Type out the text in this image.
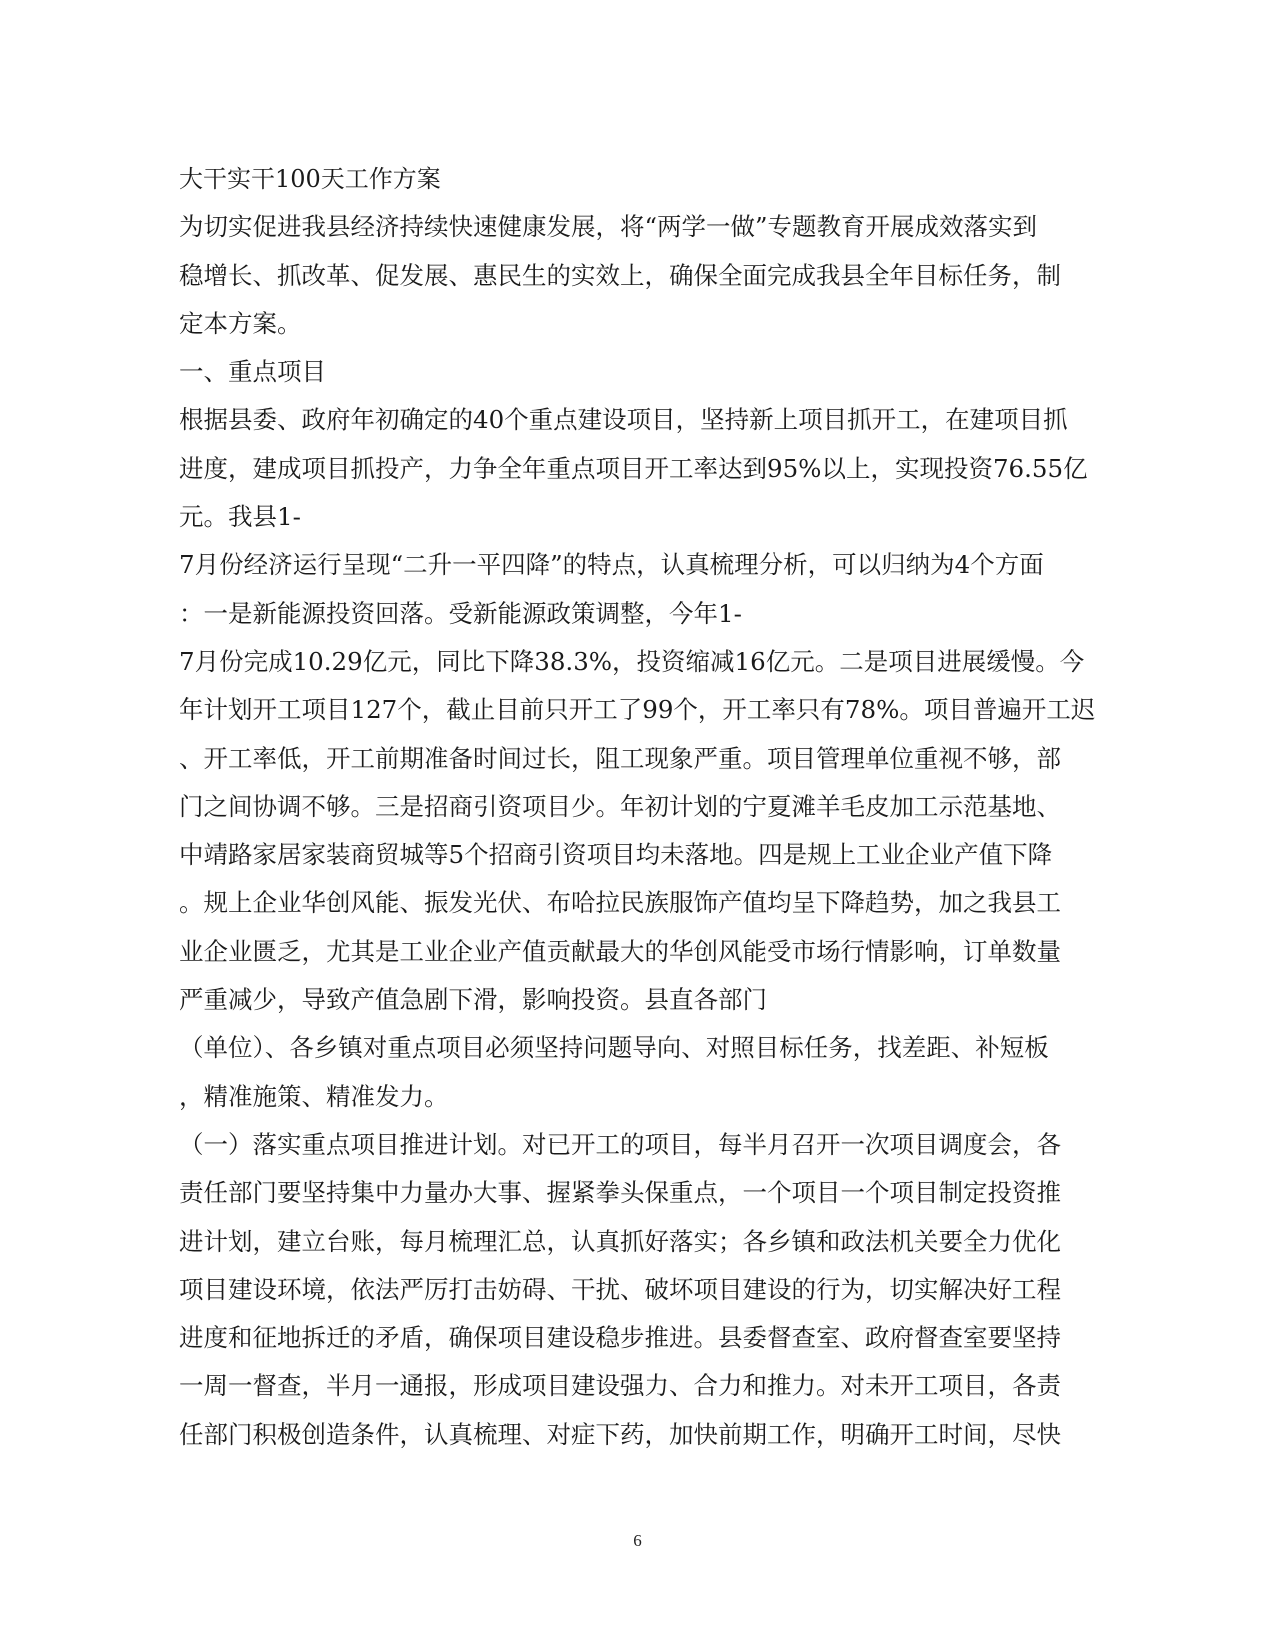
大干实干100天工作方案
为切实促进我县经济持续快速健康发展，将“两学一做”专题教育开展成效落实到
稳增长、抓改革、促发展、惠民生的实效上，确保全面完成我县全年目标任务，制
定本方案。
一、重点项目
根据县委、政府年初确定的40个重点建设项目，坚持新上项目抓开工，在建项目抓
进度，建成项目抓投产，力争全年重点项目开工率达到95%以上，实现投资76.55亿
元。我县1-
7月份经济运行呈现“二升一平四降”的特点，认真梳理分析，可以归纳为4个方面
：一是新能源投资回落。受新能源政策调整，今年1-
7月份完成10.29亿元，同比下降38.3%，投资缩减16亿元。二是项目进展缓慢。今
年计划开工项目127个，截止目前只开工了99个，开工率只有78%。项目普遍开工迟
、开工率低，开工前期准备时间过长，阻工现象严重。项目管理单位重视不够，部
门之间协调不够。三是招商引资项目少。年初计划的宁夏滩羊毛皮加工示范基地、
中靖路家居家装商贸城等5个招商引资项目均未落地。四是规上工业企业产值下降
。规上企业华创风能、振发光伏、布哈拉民族服饰产值均呈下降趋势，加之我县工
业企业匮乏，尤其是工业企业产值贡献最大的华创风能受市场行情影响，订单数量
严重减少，导致产值急剧下滑，影响投资。县直各部门
（单位）、各乡镇对重点项目必须坚持问题导向、对照目标任务，找差距、补短板
，精准施策、精准发力。
（一）落实重点项目推进计划。对已开工的项目，每半月召开一次项目调度会，各
责任部门要坚持集中力量办大事、握紧拳头保重点，一个项目一个项目制定投资推
进计划，建立台账，每月梳理汇总，认真抓好落实；各乡镇和政法机关要全力优化
项目建设环境，依法严厉打击妨碍、干扰、破坏项目建设的行为，切实解决好工程
进度和征地拆迁的矛盾，确保项目建设稳步推进。县委督查室、政府督查室要坚持
一周一督查，半月一通报，形成项目建设强力、合力和推力。对未开工项目，各责
任部门积极创造条件，认真梳理、对症下药，加快前期工作，明确开工时间，尽快
6
